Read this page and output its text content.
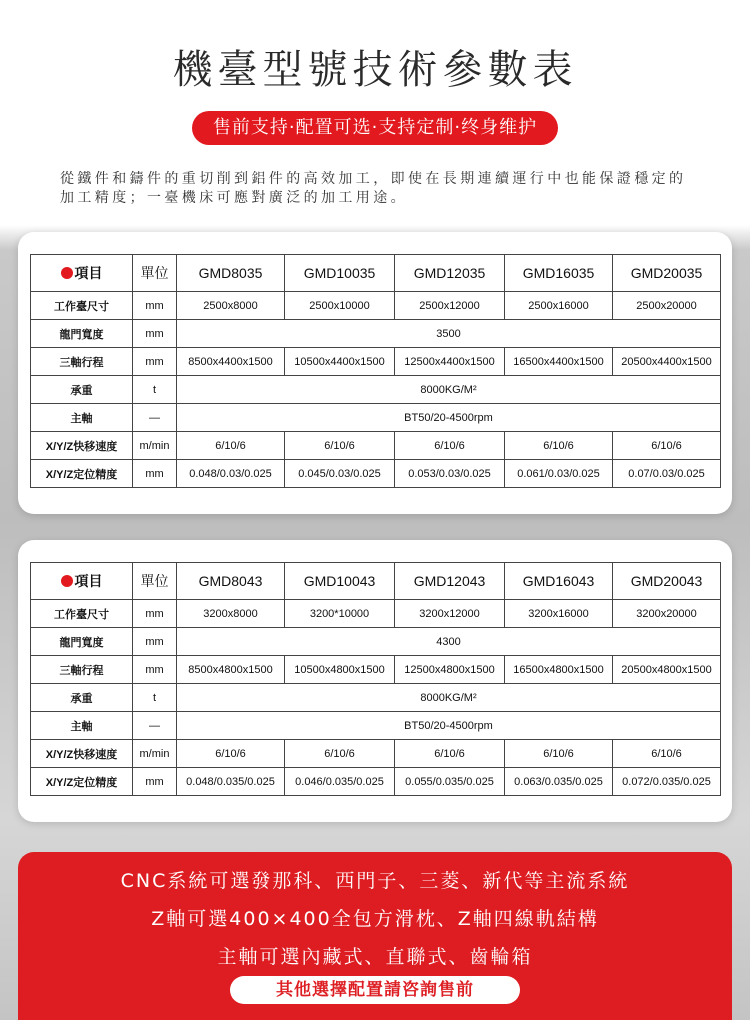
機臺型號技術參數表
售前支持·配置可选·支持定制·终身维护
從鐵件和鑄件的重切削到鋁件的高效加工，即使在長期連續運行中也能保證穩定的加工精度；一臺機床可應對廣泛的加工用途。
項目	單位	GMD8035	GMD10035	GMD12035	GMD16035	GMD20035
工作臺尺寸	mm	2500x8000	2500x10000	2500x12000	2500x16000	2500x20000
龍門寬度	mm	3500				
三軸行程	mm	8500x4400x1500	10500x4400x1500	12500x4400x1500	16500x4400x1500	20500x4400x1500
承重	t	8000KG/M²				
主軸	—	BT50/20-4500rpm				
X/Y/Z快移速度	m/min	6/10/6	6/10/6	6/10/6	6/10/6	6/10/6
X/Y/Z定位精度	mm	0.048/0.03/0.025	0.045/0.03/0.025	0.053/0.03/0.025	0.061/0.03/0.025	0.07/0.03/0.025
項目	單位	GMD8043	GMD10043	GMD12043	GMD16043	GMD20043
工作臺尺寸	mm	3200x8000	3200*10000	3200x12000	3200x16000	3200x20000
龍門寬度	mm	4300				
三軸行程	mm	8500x4800x1500	10500x4800x1500	12500x4800x1500	16500x4800x1500	20500x4800x1500
承重	t	8000KG/M²				
主軸	—	BT50/20-4500rpm				
X/Y/Z快移速度	m/min	6/10/6	6/10/6	6/10/6	6/10/6	6/10/6
X/Y/Z定位精度	mm	0.048/0.035/0.025	0.046/0.035/0.025	0.055/0.035/0.025	0.063/0.035/0.025	0.072/0.035/0.025
CNC系統可選發那科、西門子、三菱、新代等主流系統
Z軸可選400×400全包方滑枕、Z軸四線軌結構
主軸可選內藏式、直聯式、齒輪箱
其他選擇配置請咨詢售前
